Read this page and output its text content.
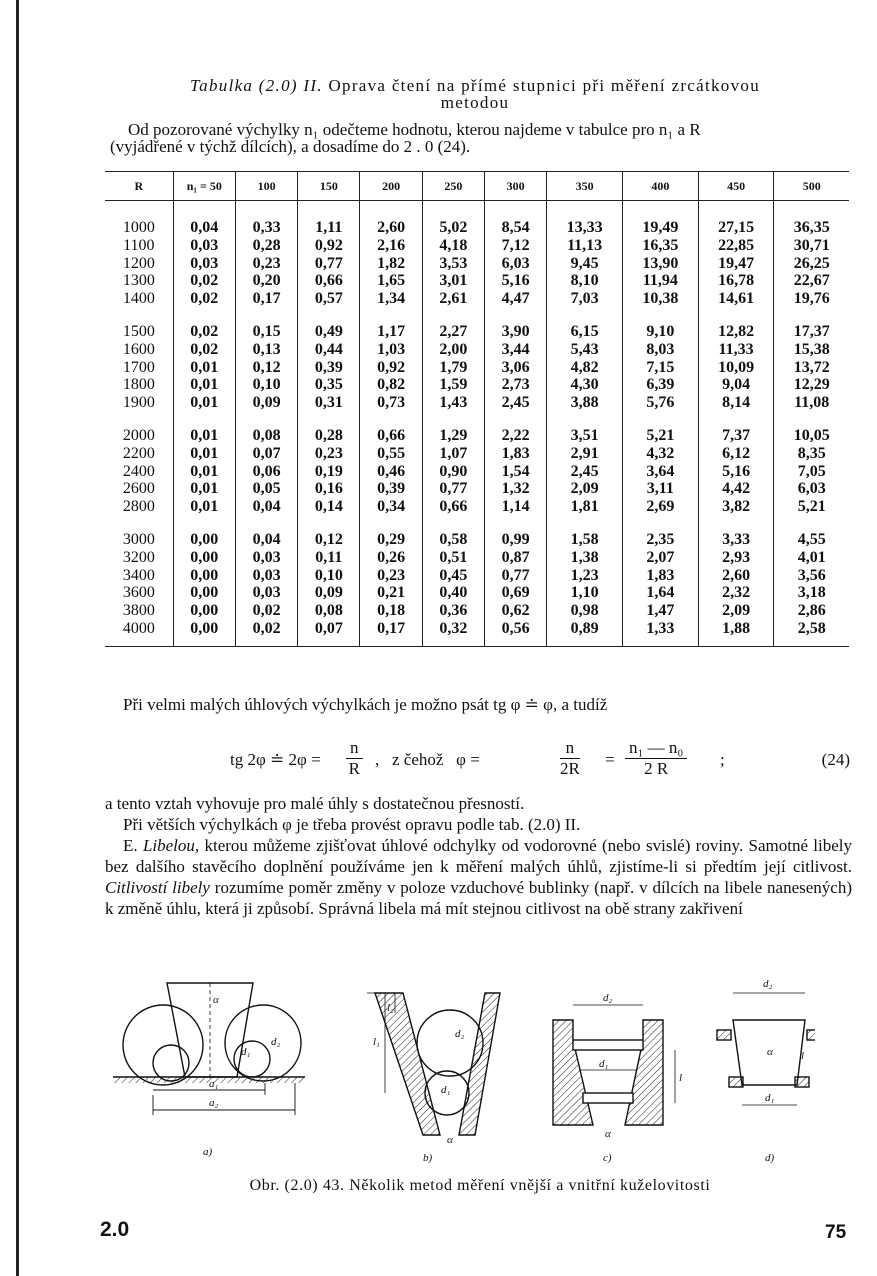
Tabulka (2.0) II. Oprava čtení na přímé stupnici při měření zrcátkovou
metodou
Od pozorované výchylky n₁ odečteme hodnotu, kterou najdeme v tabulce pro n₁ a R
(vyjádřené v týchž dílcích), a dosadíme do 2 . 0 (24).
R	n₁ = 50	100	150	200	250	300	350	400	450	500
1000	0,04	0,33	1,11	2,60	5,02	8,54	13,33	19,49	27,15	36,35
1100	0,03	0,28	0,92	2,16	4,18	7,12	11,13	16,35	22,85	30,71
1200	0,03	0,23	0,77	1,82	3,53	6,03	9,45	13,90	19,47	26,25
1300	0,02	0,20	0,66	1,65	3,01	5,16	8,10	11,94	16,78	22,67
1400	0,02	0,17	0,57	1,34	2,61	4,47	7,03	10,38	14,61	19,76

1500	0,02	0,15	0,49	1,17	2,27	3,90	6,15	9,10	12,82	17,37
1600	0,02	0,13	0,44	1,03	2,00	3,44	5,43	8,03	11,33	15,38
1700	0,01	0,12	0,39	0,92	1,79	3,06	4,82	7,15	10,09	13,72
1800	0,01	0,10	0,35	0,82	1,59	2,73	4,30	6,39	9,04	12,29
1900	0,01	0,09	0,31	0,73	1,43	2,45	3,88	5,76	8,14	11,08

2000	0,01	0,08	0,28	0,66	1,29	2,22	3,51	5,21	7,37	10,05
2200	0,01	0,07	0,23	0,55	1,07	1,83	2,91	4,32	6,12	8,35
2400	0,01	0,06	0,19	0,46	0,90	1,54	2,45	3,64	5,16	7,05
2600	0,01	0,05	0,16	0,39	0,77	1,32	2,09	3,11	4,42	6,03
2800	0,01	0,04	0,14	0,34	0,66	1,14	1,81	2,69	3,82	5,21

3000	0,00	0,04	0,12	0,29	0,58	0,99	1,58	2,35	3,33	4,55
3200	0,00	0,03	0,11	0,26	0,51	0,87	1,38	2,07	2,93	4,01
3400	0,00	0,03	0,10	0,23	0,45	0,77	1,23	1,83	2,60	3,56
3600	0,00	0,03	0,09	0,21	0,40	0,69	1,10	1,64	2,32	3,18
3800	0,00	0,02	0,08	0,18	0,36	0,62	0,98	1,47	2,09	2,86
4000	0,00	0,02	0,07	0,17	0,32	0,56	0,89	1,33	1,88	2,58
Při velmi malých úhlových výchylkách je možno psát tg φ ≐ φ, a tudíž
tg 2φ ≐ $2\varphi = \frac{n}{R}$ ,   z čehož   φ =	$\frac{n}{2R} = \frac{\text{n₁ — n₀}}{2 R}$ ;	(24)
a tento vztah vyhovuje pro malé úhly s dostatečnou přesností.
Při větších výchylkách φ je třeba provést opravu podle tab. (2.0) II.
E. Libelou, kterou můžeme zjišťovat úhlové odchylky od vodorovné (nebo svislé) roviny. Samotné libely bez dalšího stavěcího doplnění používáme jen k měření malých úhlů, zjistíme-li si předtím její citlivost. Citlivostí libely rozumíme poměr změny v poloze vzduchové bublinky (např. v dílcích na libele nanesených) k změně úhlu, která ji způsobí. Správná libela má mít stejnou citlivost na obě strany zakřivení
a₁
a₂
α
d₂
d₁
a)
l₁
l₂
d₂
d₁
α
b)
d₂
d₁
l
α
c)
d₂
α	l
d₁
d)
Obr. (2.0) 43. Několik metod měření vnější a vnitřní kuželovitosti
2.0	75
